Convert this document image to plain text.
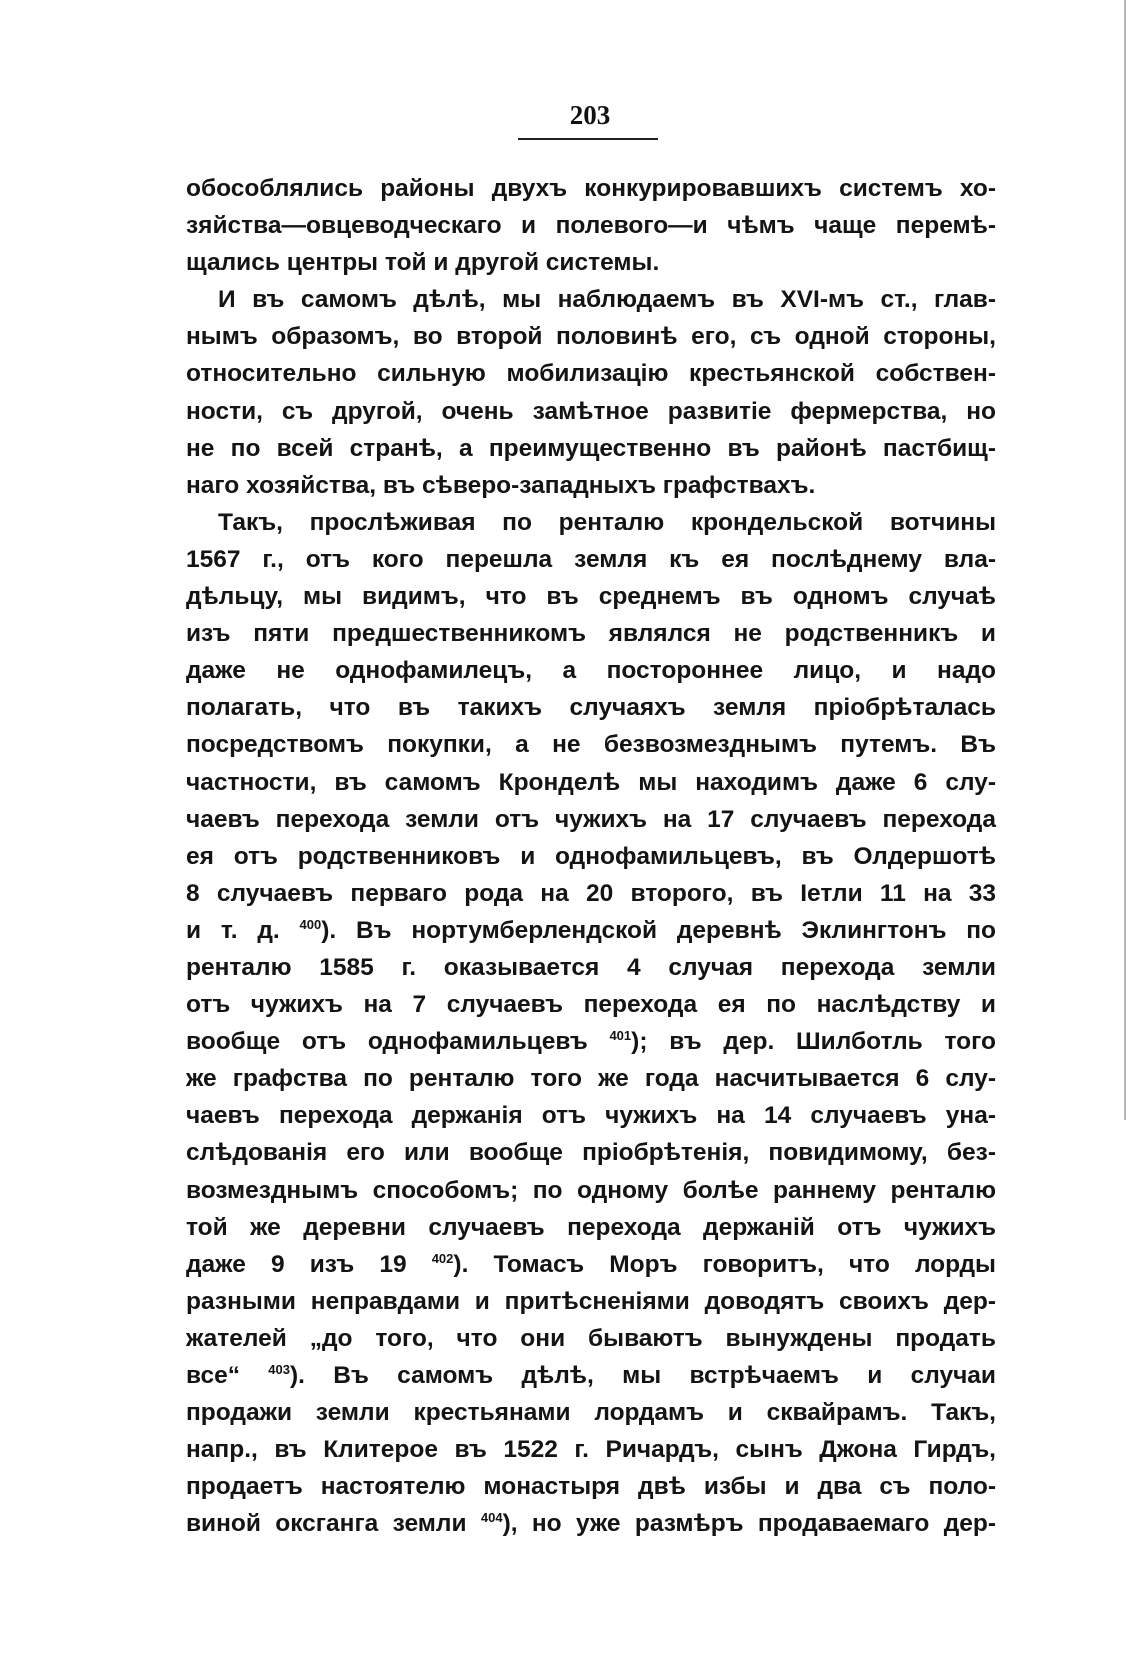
203

обособлялись районы двухъ конкурировавшихъ системъ хо-
зяйства—овцеводческаго и полевого—и чѣмъ чаще перемѣ-
щались центры той и другой системы.

И въ самомъ дѣлѣ, мы наблюдаемъ въ XVI-мъ ст., глав-
нымъ образомъ, во второй половинѣ его, съ одной стороны,
относительно сильную мобилизацію крестьянской собствен-
ности, съ другой, очень замѣтное развитіе фермерства, но
не по всей странѣ, а преимущественно въ районѣ пастбищ-
наго хозяйства, въ сѣверо-западныхъ графствахъ.

Такъ, прослѣживая по ренталю крондельской вотчины
1567 г., отъ кого перешла земля къ ея послѣднему вла-
дѣльцу, мы видимъ, что въ среднемъ въ одномъ случаѣ
изъ пяти предшественникомъ являлся не родственникъ и
даже не однофамилецъ, а постороннее лицо, и надо
полагать, что въ такихъ случаяхъ земля пріобрѣталась
посредствомъ покупки, а не безвозмезднымъ путемъ. Въ
частности, въ самомъ Кронделѣ мы находимъ даже 6 слу-
чаевъ перехода земли отъ чужихъ на 17 случаевъ перехода
ея отъ родственниковъ и однофамильцевъ, въ Олдершотѣ
8 случаевъ перваго рода на 20 второго, въ Іетли 11 на 33
и т. д. $^{400}$). Въ нортумберлендской деревнѣ Эклингтонъ по
ренталю 1585 г. оказывается 4 случая перехода земли
отъ чужихъ на 7 случаевъ перехода ея по наслѣдству и
вообще отъ однофамильцевъ $^{401}$); въ дер. Шилботль того
же графства по ренталю того же года насчитывается 6 слу-
чаевъ перехода держанія отъ чужихъ на 14 случаевъ уна-
слѣдованія его или вообще пріобрѣтенія, повидимому, без-
возмезднымъ способомъ; по одному болѣе раннему ренталю
той же деревни случаевъ перехода держаній отъ чужихъ
даже 9 изъ 19 $^{402}$). Томасъ Моръ говоритъ, что лорды
разными неправдами и притѣсненіями доводятъ своихъ дер-
жателей „до того, что они бываютъ вынуждены продать
все“ $^{403}$). Въ самомъ дѣлѣ, мы встрѣчаемъ и случаи
продажи земли крестьянами лордамъ и сквайрамъ. Такъ,
напр., въ Клитерое въ 1522 г. Ричардъ, сынъ Джона Гирдъ,
продаетъ настоятелю монастыря двѣ избы и два съ поло-
виной оксганга земли $^{404}$), но уже размѣръ продаваемаго дер-
